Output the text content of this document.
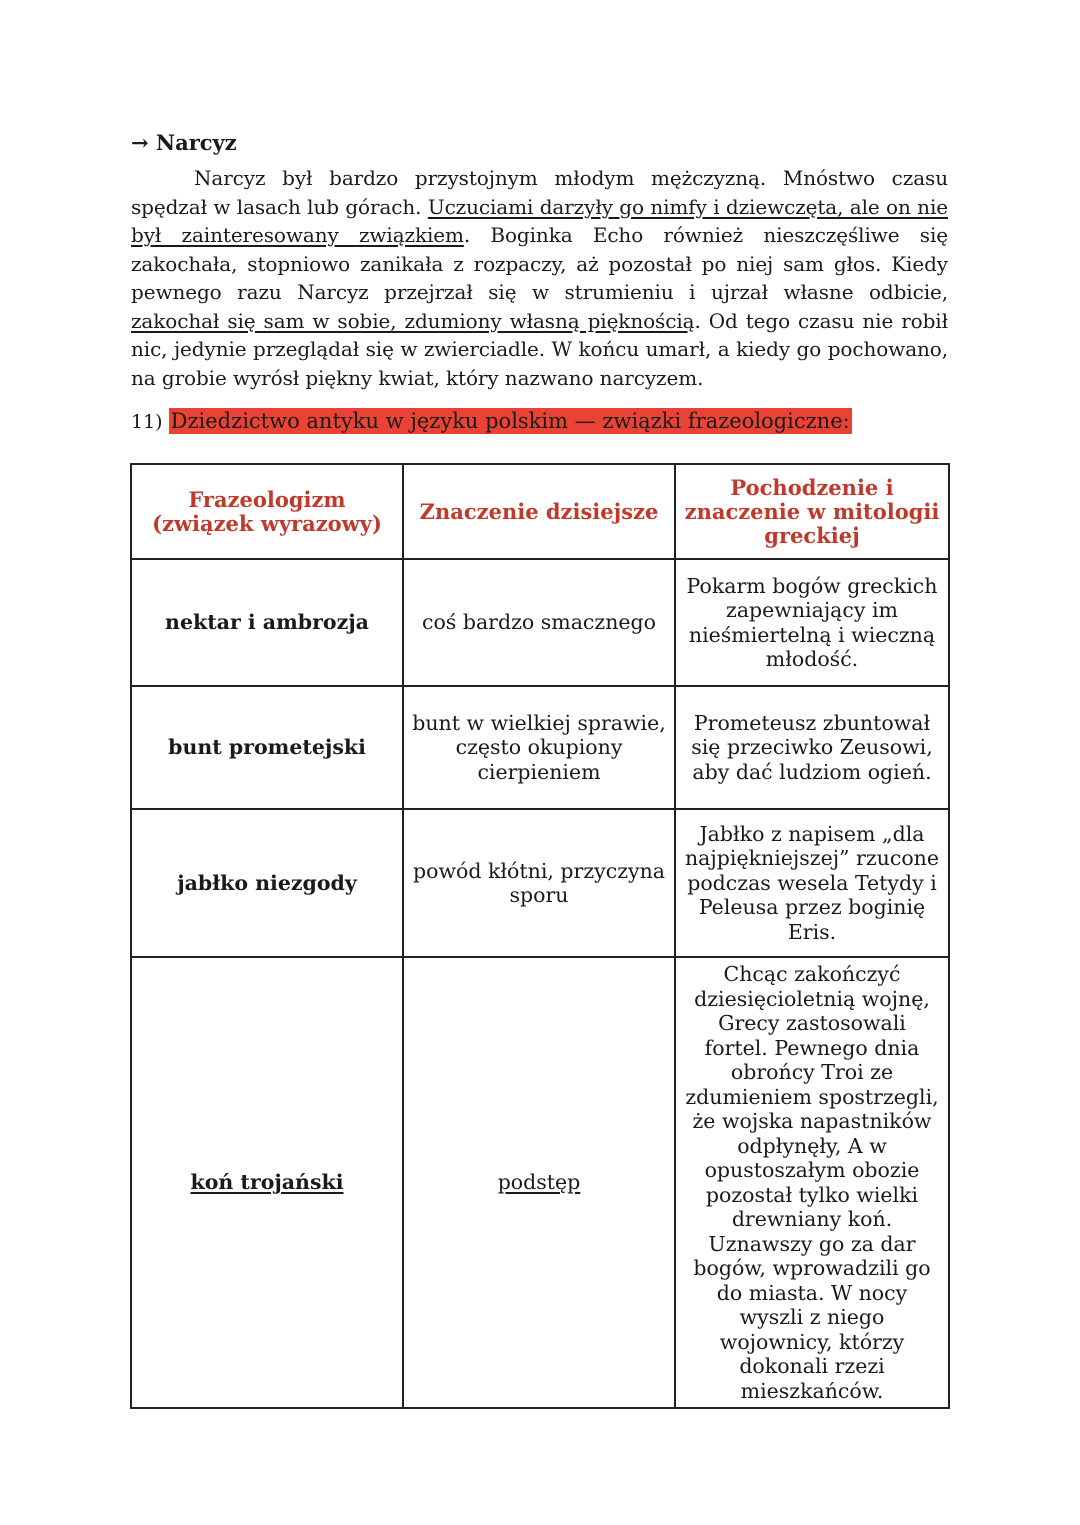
→ Narcyz

Narcyz był bardzo przystojnym młodym mężczyzną. Mnóstwo czasu spędzał w lasach lub górach. Uczuciami darzyły go nimfy i dziewczęta, ale on nie był zainteresowany związkiem. Boginka Echo również nieszczęśliwe się zakochała, stopniowo zanikała z rozpaczy, aż pozostał po niej sam głos. Kiedy pewnego razu Narcyz przejrzał się w strumieniu i ujrzał własne odbicie, zakochał się sam w sobie, zdumiony własną pięknością. Od tego czasu nie robił nic, jedynie przeglądał się w zwierciadle. W końcu umarł, a kiedy go pochowano, na grobie wyrósł piękny kwiat, który nazwano narcyzem.

11) Dziedzictwo antyku w języku polskim — związki frazeologiczne:
Frazeologizm (związek wyrazowy)	Znaczenie dzisiejsze	Pochodzenie i znaczenie w mitologii greckiej
nektar i ambrozja	coś bardzo smacznego	Pokarm bogów greckich zapewniający im nieśmiertelną i wieczną młodość.
bunt prometejski	bunt w wielkiej sprawie, często okupiony cierpieniem	Prometeusz zbuntował się przeciwko Zeusowi, aby dać ludziom ogień.
jabłko niezgody	powód kłótni, przyczyna sporu	Jabłko z napisem „dla najpiękniejszej” rzucone podczas wesela Tetydy i Peleusa przez boginię Eris.
koń trojański	podstęp	Chcąc zakończyć dziesięcioletnią wojnę, Grecy zastosowali fortel. Pewnego dnia obrońcy Troi ze zdumieniem spostrzegli, że wojska napastników odpłynęły, A w opustoszałym obozie pozostał tylko wielki drewniany koń. Uznawszy go za dar bogów, wprowadzili go do miasta. W nocy wyszli z niego wojownicy, którzy dokonali rzezi mieszkańców.
